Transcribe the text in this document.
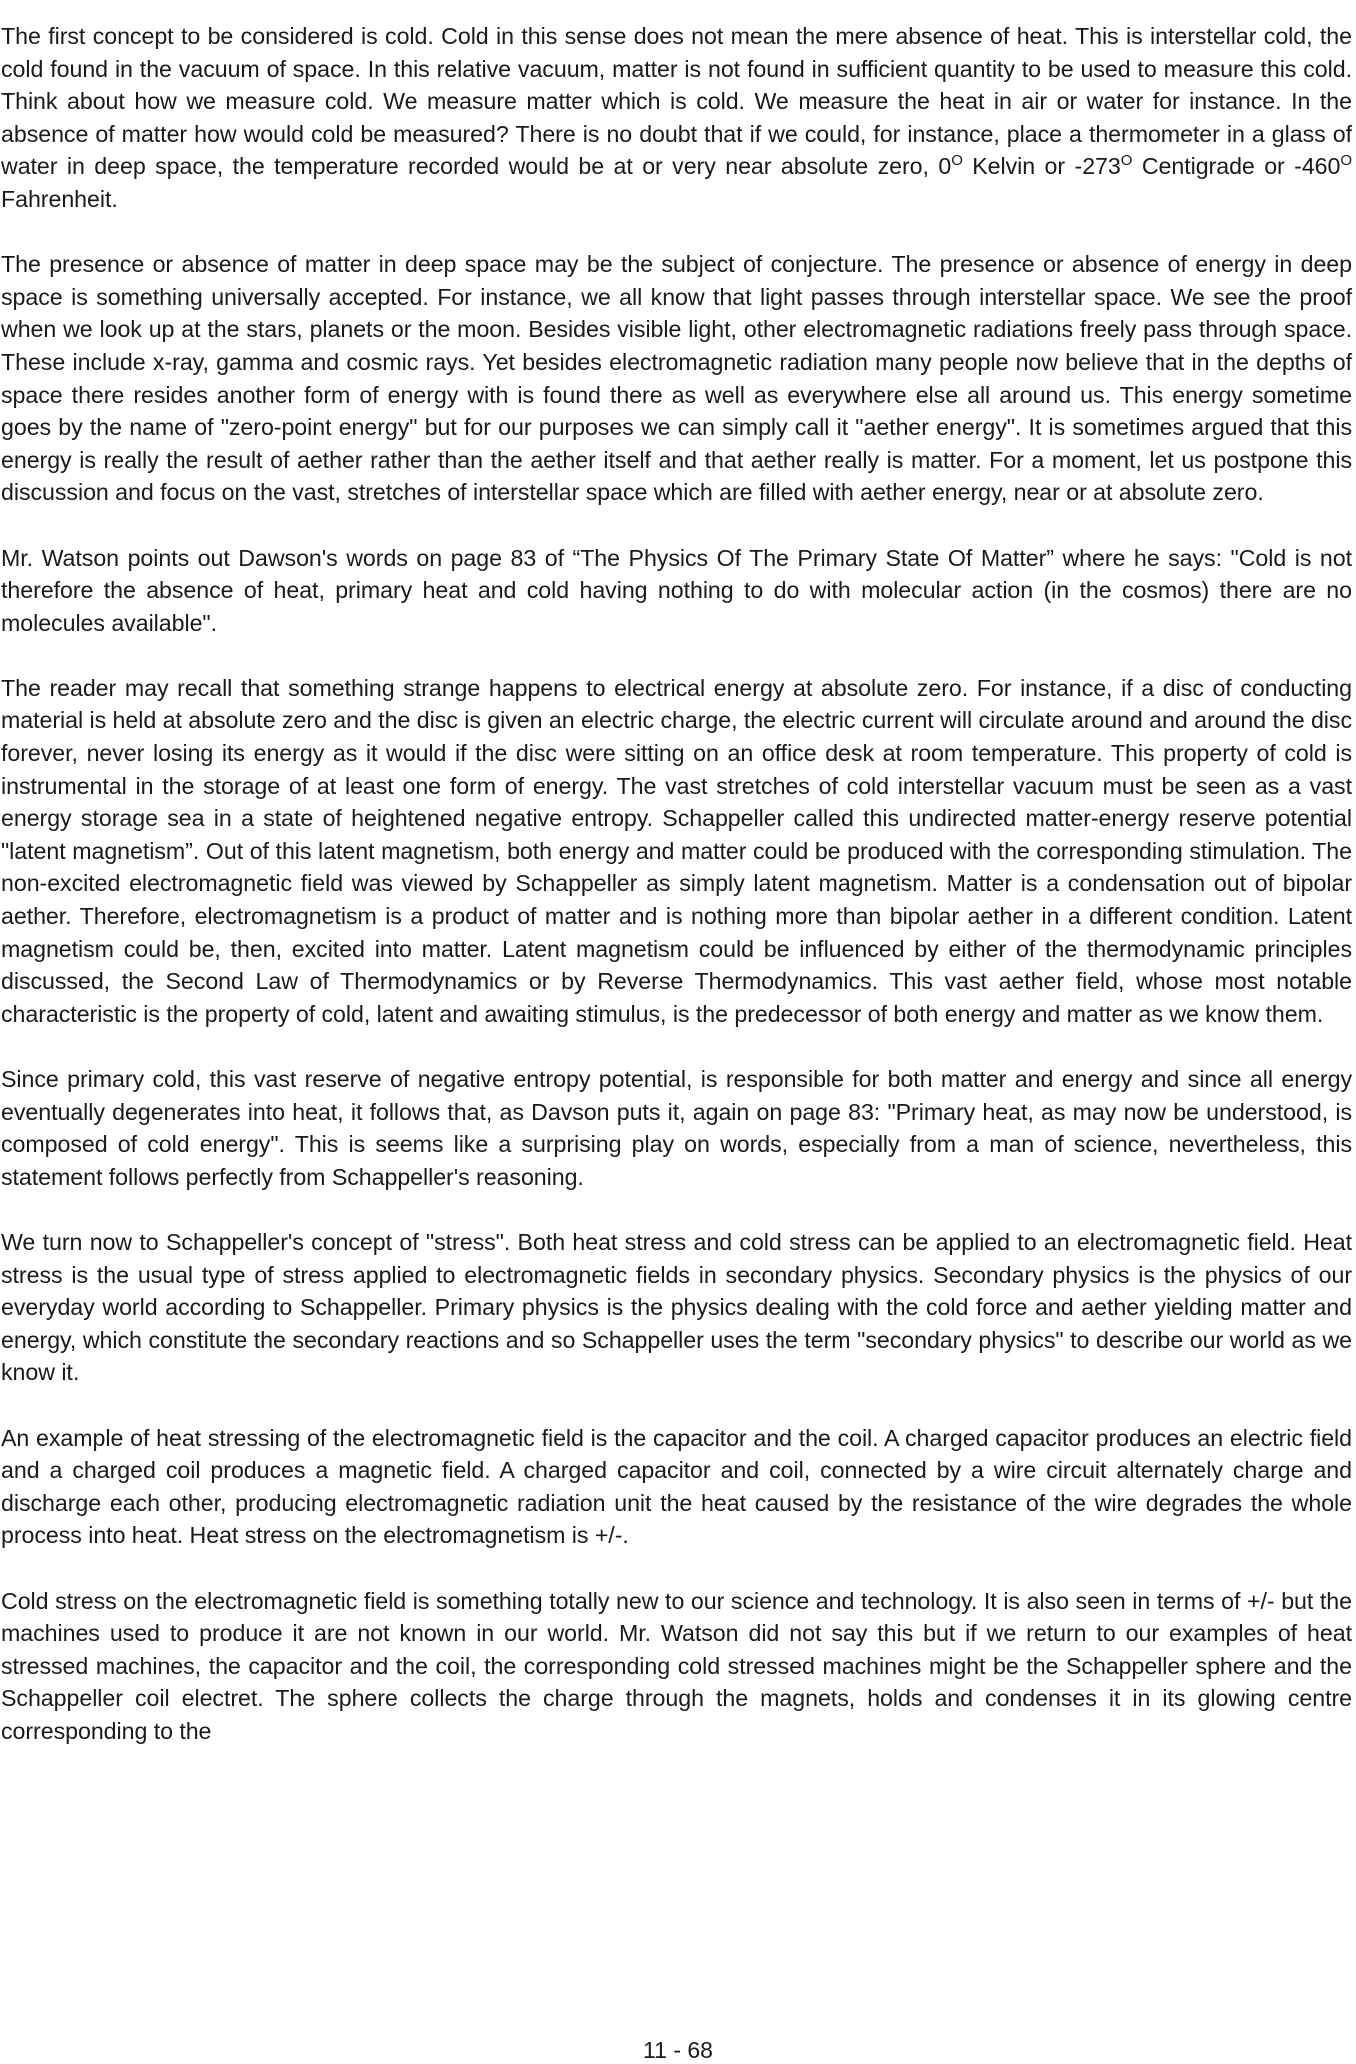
The first concept to be considered is cold. Cold in this sense does not mean the mere absence of heat. This is interstellar cold, the cold found in the vacuum of space. In this relative vacuum, matter is not found in sufficient quantity to be used to measure this cold. Think about how we measure cold. We measure matter which is cold. We measure the heat in air or water for instance. In the absence of matter how would cold be measured? There is no doubt that if we could, for instance, place a thermometer in a glass of water in deep space, the temperature recorded would be at or very near absolute zero, $0^O$ Kelvin or $-273^O$ Centigrade or $-460^O$ Fahrenheit.

The presence or absence of matter in deep space may be the subject of conjecture. The presence or absence of energy in deep space is something universally accepted. For instance, we all know that light passes through interstellar space. We see the proof when we look up at the stars, planets or the moon. Besides visible light, other electromagnetic radiations freely pass through space. These include x-ray, gamma and cosmic rays. Yet besides electromagnetic radiation many people now believe that in the depths of space there resides another form of energy with is found there as well as everywhere else all around us. This energy sometime goes by the name of "zero-point energy" but for our purposes we can simply call it "aether energy". It is sometimes argued that this energy is really the result of aether rather than the aether itself and that aether really is matter. For a moment, let us postpone this discussion and focus on the vast, stretches of interstellar space which are filled with aether energy, near or at absolute zero.

Mr. Watson points out Dawson's words on page 83 of “The Physics Of The Primary State Of Matter” where he says: "Cold is not therefore the absence of heat, primary heat and cold having nothing to do with molecular action (in the cosmos) there are no molecules available".

The reader may recall that something strange happens to electrical energy at absolute zero. For instance, if a disc of conducting material is held at absolute zero and the disc is given an electric charge, the electric current will circulate around and around the disc forever, never losing its energy as it would if the disc were sitting on an office desk at room temperature. This property of cold is instrumental in the storage of at least one form of energy. The vast stretches of cold interstellar vacuum must be seen as a vast energy storage sea in a state of heightened negative entropy. Schappeller called this undirected matter-energy reserve potential "latent magnetism”. Out of this latent magnetism, both energy and matter could be produced with the corresponding stimulation. The non-excited electromagnetic field was viewed by Schappeller as simply latent magnetism. Matter is a condensation out of bipolar aether. Therefore, electromagnetism is a product of matter and is nothing more than bipolar aether in a different condition. Latent magnetism could be, then, excited into matter. Latent magnetism could be influenced by either of the thermodynamic principles discussed, the Second Law of Thermodynamics or by Reverse Thermodynamics. This vast aether field, whose most notable characteristic is the property of cold, latent and awaiting stimulus, is the predecessor of both energy and matter as we know them.

Since primary cold, this vast reserve of negative entropy potential, is responsible for both matter and energy and since all energy eventually degenerates into heat, it follows that, as Davson puts it, again on page 83: "Primary heat, as may now be understood, is composed of cold energy". This is seems like a surprising play on words, especially from a man of science, nevertheless, this statement follows perfectly from Schappeller's reasoning.

We turn now to Schappeller's concept of "stress". Both heat stress and cold stress can be applied to an electromagnetic field. Heat stress is the usual type of stress applied to electromagnetic fields in secondary physics. Secondary physics is the physics of our everyday world according to Schappeller. Primary physics is the physics dealing with the cold force and aether yielding matter and energy, which constitute the secondary reactions and so Schappeller uses the term "secondary physics" to describe our world as we know it.

An example of heat stressing of the electromagnetic field is the capacitor and the coil. A charged capacitor produces an electric field and a charged coil produces a magnetic field. A charged capacitor and coil, connected by a wire circuit alternately charge and discharge each other, producing electromagnetic radiation unit the heat caused by the resistance of the wire degrades the whole process into heat. Heat stress on the electromagnetism is +/-.

Cold stress on the electromagnetic field is something totally new to our science and technology. It is also seen in terms of +/- but the machines used to produce it are not known in our world. Mr. Watson did not say this but if we return to our examples of heat stressed machines, the capacitor and the coil, the corresponding cold stressed machines might be the Schappeller sphere and the Schappeller coil electret. The sphere collects the charge through the magnets, holds and condenses it in its glowing centre corresponding to the

11 - 68
